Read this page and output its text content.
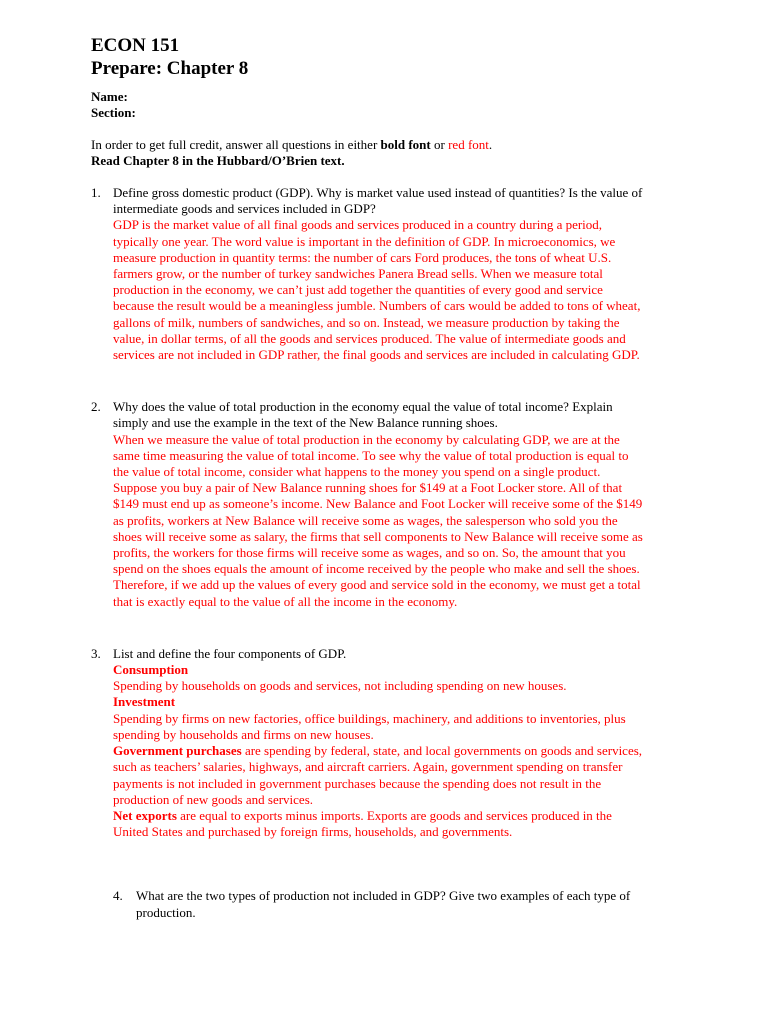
ECON 151
Prepare: Chapter 8
Name:
Section:
In order to get full credit, answer all questions in either bold font or red font.
Read Chapter 8 in the Hubbard/O’Brien text.
1. Define gross domestic product (GDP). Why is market value used instead of quantities? Is the value of
intermediate goods and services included in GDP?
GDP is the market value of all final goods and services produced in a country during a period,
typically one year. The word value is important in the definition of GDP. In microeconomics, we
measure production in quantity terms: the number of cars Ford produces, the tons of wheat U.S.
farmers grow, or the number of turkey sandwiches Panera Bread sells. When we measure total
production in the economy, we can’t just add together the quantities of every good and service
because the result would be a meaningless jumble. Numbers of cars would be added to tons of wheat,
gallons of milk, numbers of sandwiches, and so on. Instead, we measure production by taking the
value, in dollar terms, of all the goods and services produced. The value of intermediate goods and
services are not included in GDP rather, the final goods and services are included in calculating GDP.
2. Why does the value of total production in the economy equal the value of total income? Explain
simply and use the example in the text of the New Balance running shoes.
When we measure the value of total production in the economy by calculating GDP, we are at the
same time measuring the value of total income. To see why the value of total production is equal to
the value of total income, consider what happens to the money you spend on a single product.
Suppose you buy a pair of New Balance running shoes for $149 at a Foot Locker store. All of that
$149 must end up as someone’s income. New Balance and Foot Locker will receive some of the $149
as profits, workers at New Balance will receive some as wages, the salesperson who sold you the
shoes will receive some as salary, the firms that sell components to New Balance will receive some as
profits, the workers for those firms will receive some as wages, and so on. So, the amount that you
spend on the shoes equals the amount of income received by the people who make and sell the shoes.
Therefore, if we add up the values of every good and service sold in the economy, we must get a total
that is exactly equal to the value of all the income in the economy.
3. List and define the four components of GDP.
Consumption
Spending by households on goods and services, not including spending on new houses.
Investment
Spending by firms on new factories, office buildings, machinery, and additions to inventories, plus
spending by households and firms on new houses.
Government purchases are spending by federal, state, and local governments on goods and services,
such as teachers’ salaries, highways, and aircraft carriers. Again, government spending on transfer
payments is not included in government purchases because the spending does not result in the
production of new goods and services.
Net exports are equal to exports minus imports. Exports are goods and services produced in the
United States and purchased by foreign firms, households, and governments.
4. What are the two types of production not included in GDP? Give two examples of each type of
production.
